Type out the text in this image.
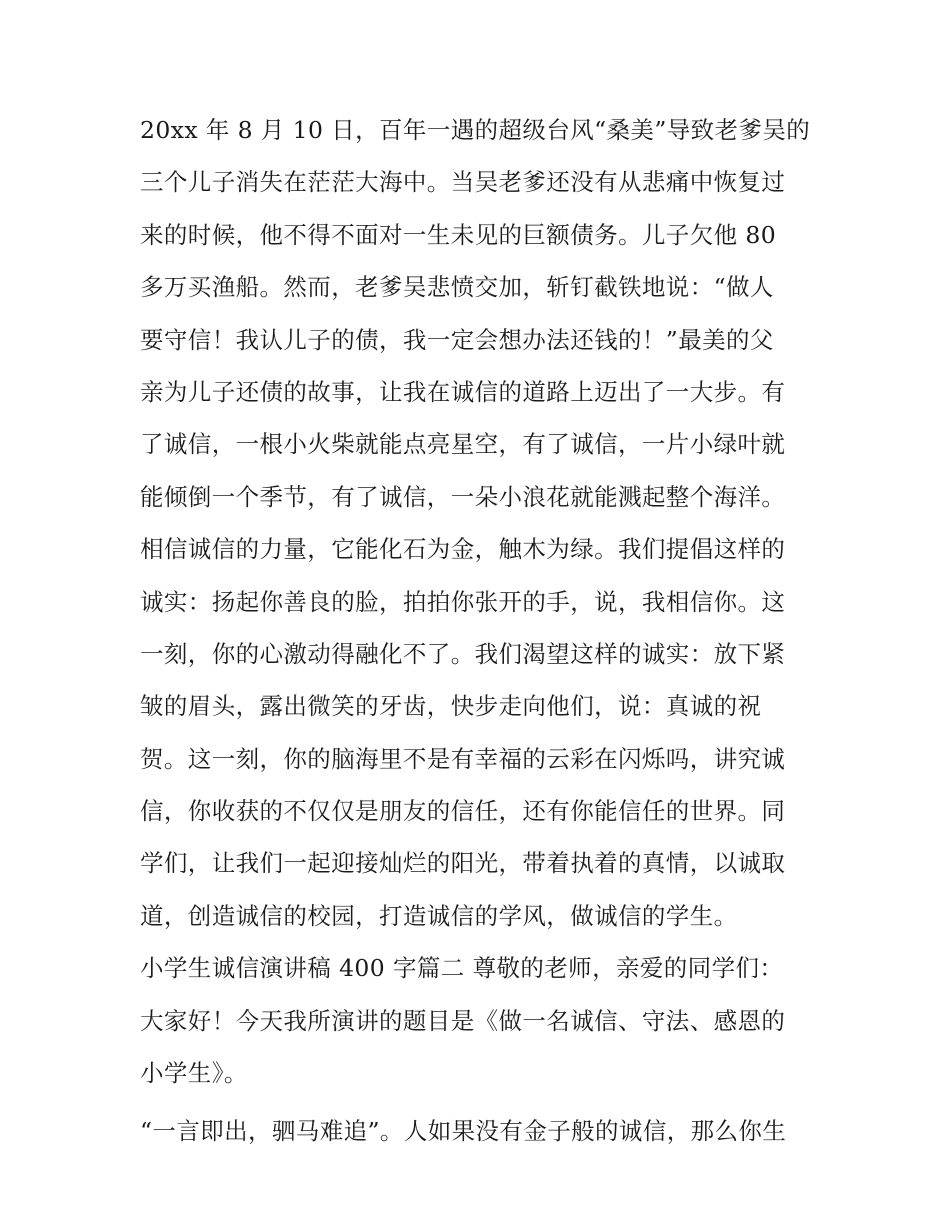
20xx 年 8 月 10 日，百年一遇的超级台风“桑美”导致老爹吴的
三个儿子消失在茫茫大海中。当吴老爹还没有从悲痛中恢复过
来的时候，他不得不面对一生未见的巨额债务。儿子欠他 80
多万买渔船。然而，老爹吴悲愤交加，斩钉截铁地说：“做人
要守信！我认儿子的债，我一定会想办法还钱的！”最美的父
亲为儿子还债的故事，让我在诚信的道路上迈出了一大步。有
了诚信，一根小火柴就能点亮星空，有了诚信，一片小绿叶就
能倾倒一个季节，有了诚信，一朵小浪花就能溅起整个海洋。
相信诚信的力量，它能化石为金，触木为绿。我们提倡这样的
诚实：扬起你善良的脸，拍拍你张开的手，说，我相信你。这
一刻，你的心激动得融化不了。我们渴望这样的诚实：放下紧
皱的眉头，露出微笑的牙齿，快步走向他们，说：真诚的祝
贺。这一刻，你的脑海里不是有幸福的云彩在闪烁吗，讲究诚
信，你收获的不仅仅是朋友的信任，还有你能信任的世界。同
学们，让我们一起迎接灿烂的阳光，带着执着的真情，以诚取
道，创造诚信的校园，打造诚信的学风，做诚信的学生。
小学生诚信演讲稿 400 字篇二 尊敬的老师，亲爱的同学们：
大家好！今天我所演讲的题目是《做一名诚信、守法、感恩的
小学生》。
“一言即出，驷马难追”。人如果没有金子般的诚信，那么你生
